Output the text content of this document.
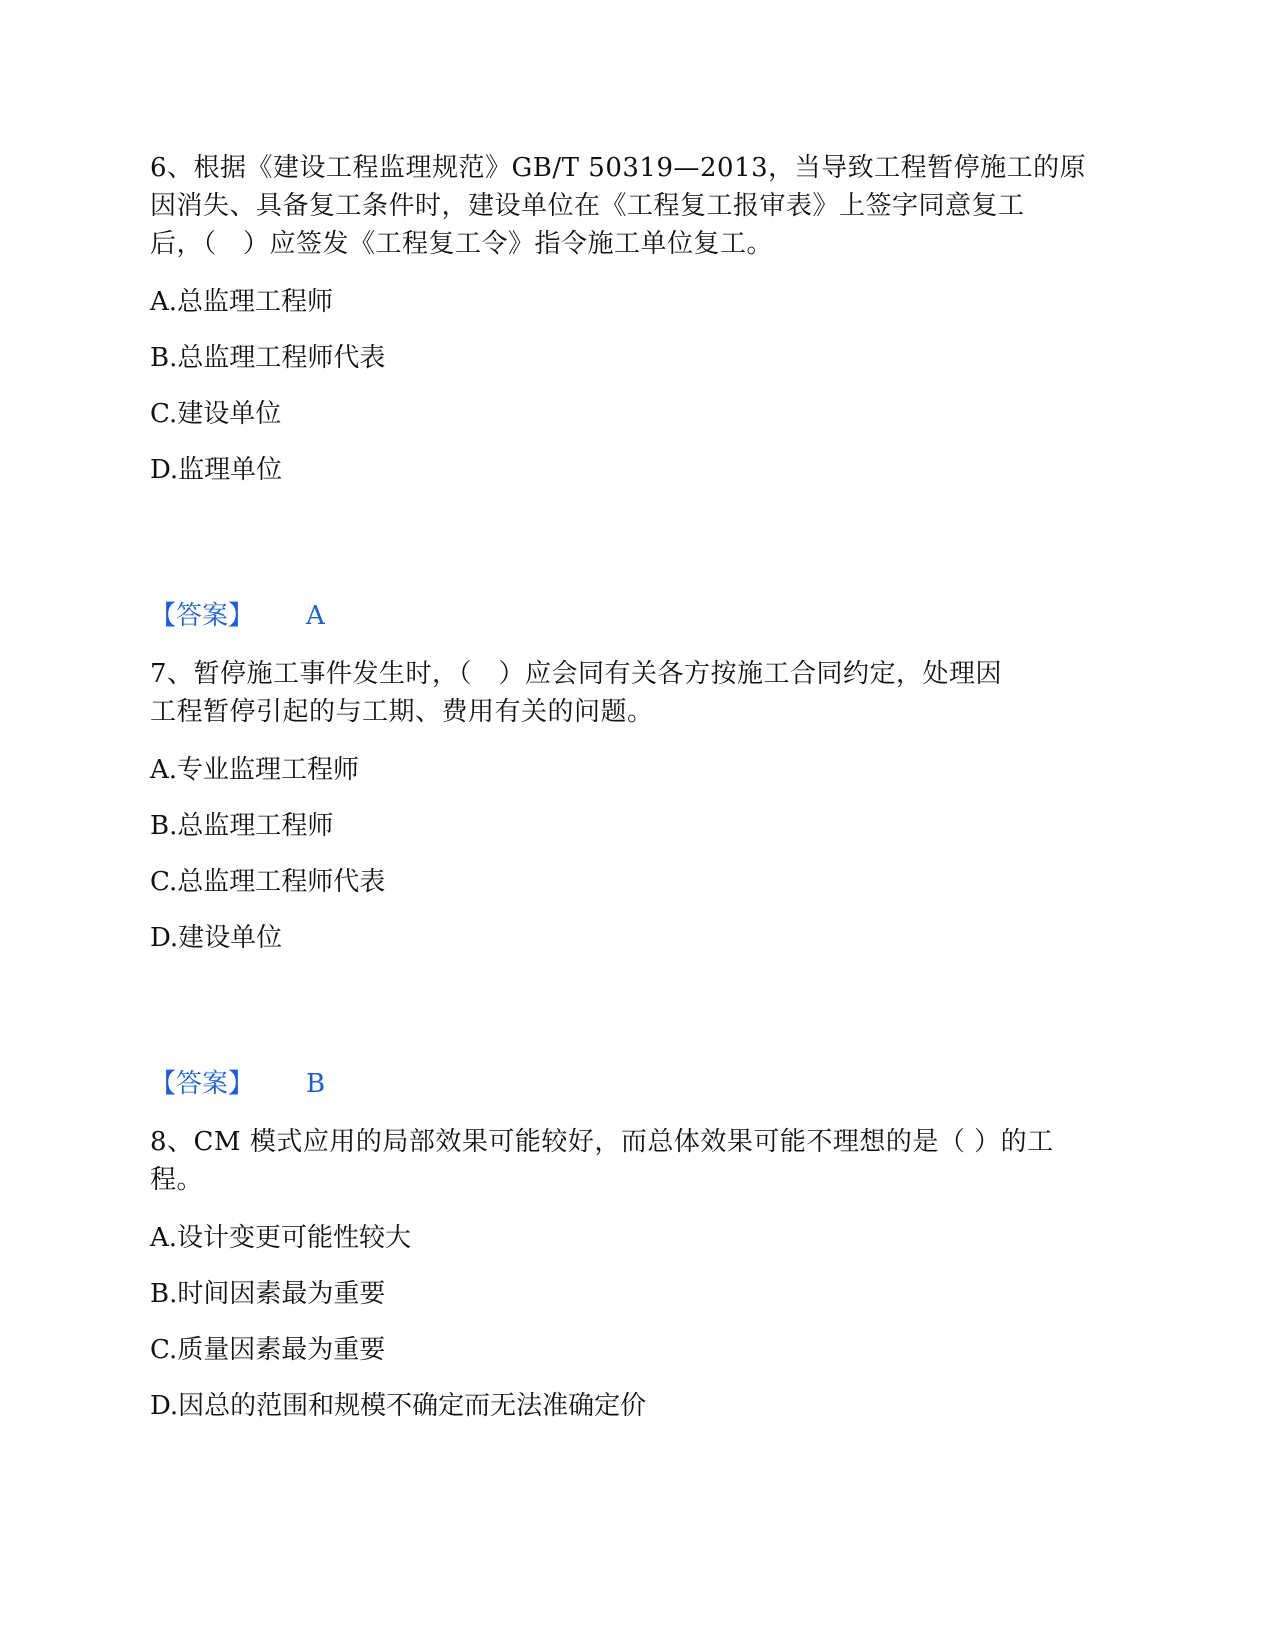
6、根据《建设工程监理规范》GB/T 50319—2013，当导致工程暂停施工的原
因消失、具备复工条件时，建设单位在《工程复工报审表》上签字同意复工
后，（　）应签发《工程复工令》指令施工单位复工。
A.总监理工程师
B.总监理工程师代表
C.建设单位
D.监理单位
【答案】 A
7、暂停施工事件发生时，（　）应会同有关各方按施工合同约定，处理因
工程暂停引起的与工期、费用有关的问题。
A.专业监理工程师
B.总监理工程师
C.总监理工程师代表
D.建设单位
【答案】 B
8、CM 模式应用的局部效果可能较好，而总体效果可能不理想的是（ ）的工
程。
A.设计变更可能性较大
B.时间因素最为重要
C.质量因素最为重要
D.因总的范围和规模不确定而无法准确定价
